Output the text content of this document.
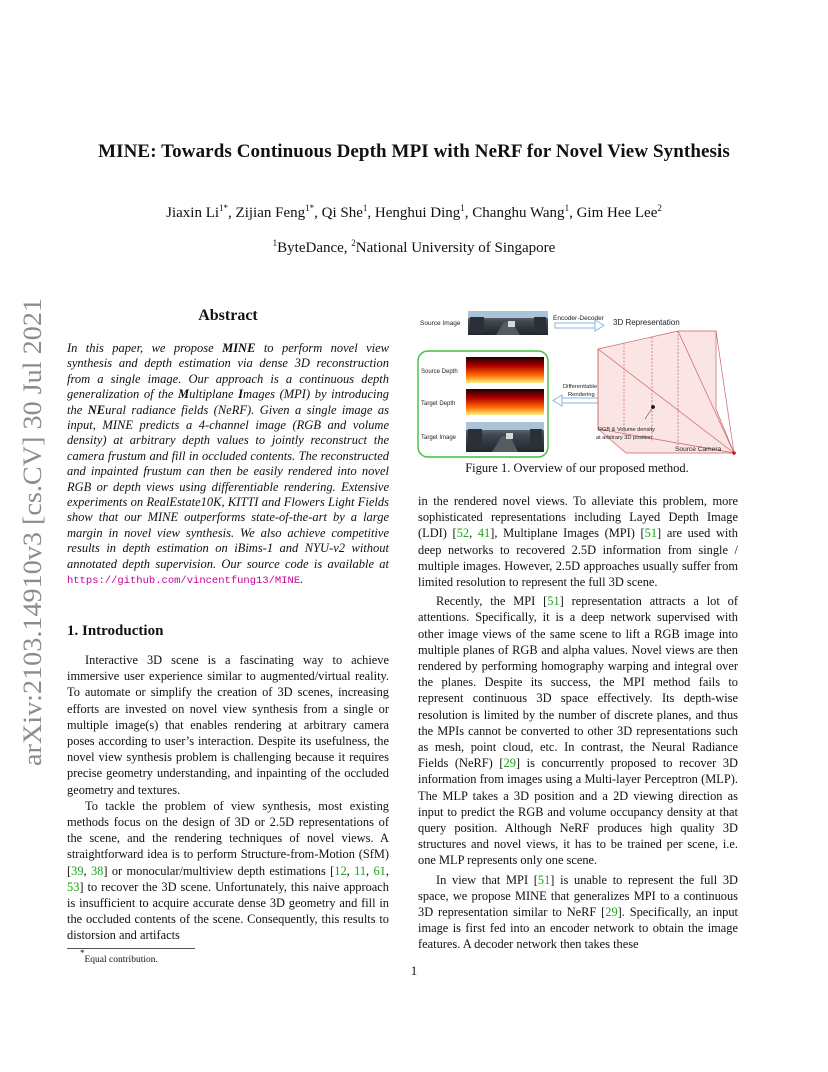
arXiv:2103.14910v3 [cs.CV] 30 Jul 2021
MINE: Towards Continuous Depth MPI with NeRF for Novel View Synthesis
Jiaxin $Li^{1*}$, Zijian Feng$^{1*}$, Qi She$^1$, Henghui Ding$^1$, Changhu Wang$^1$, Gim Hee Lee$^2$
$^1$ByteDance, $^2$National University of Singapore
Abstract
In this paper, we propose MINE to perform novel view synthesis and depth estimation via dense 3D reconstruction from a single image. Our approach is a continuous depth generalization of the Multiplane Images (MPI) by introducing the NEural radiance fields (NeRF). Given a single image as input, MINE predicts a 4-channel image (RGB and volume density) at arbitrary depth values to jointly reconstruct the camera frustum and fill in occluded contents. The reconstructed and inpainted frustum can then be easily rendered into novel RGB or depth views using differentiable rendering. Extensive experiments on RealEstate10K, KITTI and Flowers Light Fields show that our MINE outperforms state-of-the-art by a large margin in novel view synthesis. We also achieve competitive results in depth estimation on iBims-1 and NYU-v2 without annotated depth supervision. Our source code is available at https://github.com/vincentfung13/MINE.
1. Introduction

Interactive 3D scene is a fascinating way to achieve immersive user experience similar to augmented/virtual reality. To automate or simplify the creation of 3D scenes, increasing efforts are invested on novel view synthesis from a single or multiple image(s) that enables rendering at arbitrary camera poses according to user’s interaction. Despite its usefulness, the novel view synthesis problem is challenging because it requires precise geometry understanding, and inpainting of the occluded geometry and textures.

To tackle the problem of view synthesis, most existing methods focus on the design of 3D or 2.5D representations of the scene, and the rendering techniques of novel views. A straightforward idea is to perform Structure-from-Motion (SfM) [39, 38] or monocular/multiview depth estimations [12, 11, 61, 53] to recover the 3D scene. Unfortunately, this naive approach is insufficient to acquire accurate dense 3D geometry and fill in the occluded contents of the scene. Consequently, this results to distorsion and artifacts

*Equal contribution.
Source Image
Encoder-Decoder 3D Representation
Source Depth
Target Depth
Target Image
Differentiable
Rendering
RGB & Volume density
at arbitrary 3D position
Source Camera
Figure 1. Overview of our proposed method.

in the rendered novel views. To alleviate this problem, more sophisticated representations including Layed Depth Image (LDI) [52, 41], Multiplane Images (MPI) [51] are used with deep networks to recovered 2.5D information from single / multiple images. However, 2.5D approaches usually suffer from limited resolution to represent the full 3D scene.

Recently, the MPI [51] representation attracts a lot of attentions. Specifically, it is a deep network supervised with other image views of the same scene to lift a RGB image into multiple planes of RGB and alpha values. Novel views are then rendered by performing homography warping and integral over the planes. Despite its success, the MPI method fails to represent continuous 3D space effectively. Its depth-wise resolution is limited by the number of discrete planes, and thus the MPIs cannot be converted to other 3D representations such as mesh, point cloud, etc. In contrast, the Neural Radiance Fields (NeRF) [29] is concurrently proposed to recover 3D information from images using a Multi-layer Perceptron (MLP). The MLP takes a 3D position and a 2D viewing direction as input to predict the RGB and volume occupancy density at that query position. Although NeRF produces high quality 3D structures and novel views, it has to be trained per scene, i.e. one MLP represents only one scene.

In view that MPI [51] is unable to represent the full 3D space, we propose MINE that generalizes MPI to a continuous 3D representation similar to NeRF [29]. Specifically, an input image is first fed into an encoder network to obtain the image features. A decoder network then takes these

1
